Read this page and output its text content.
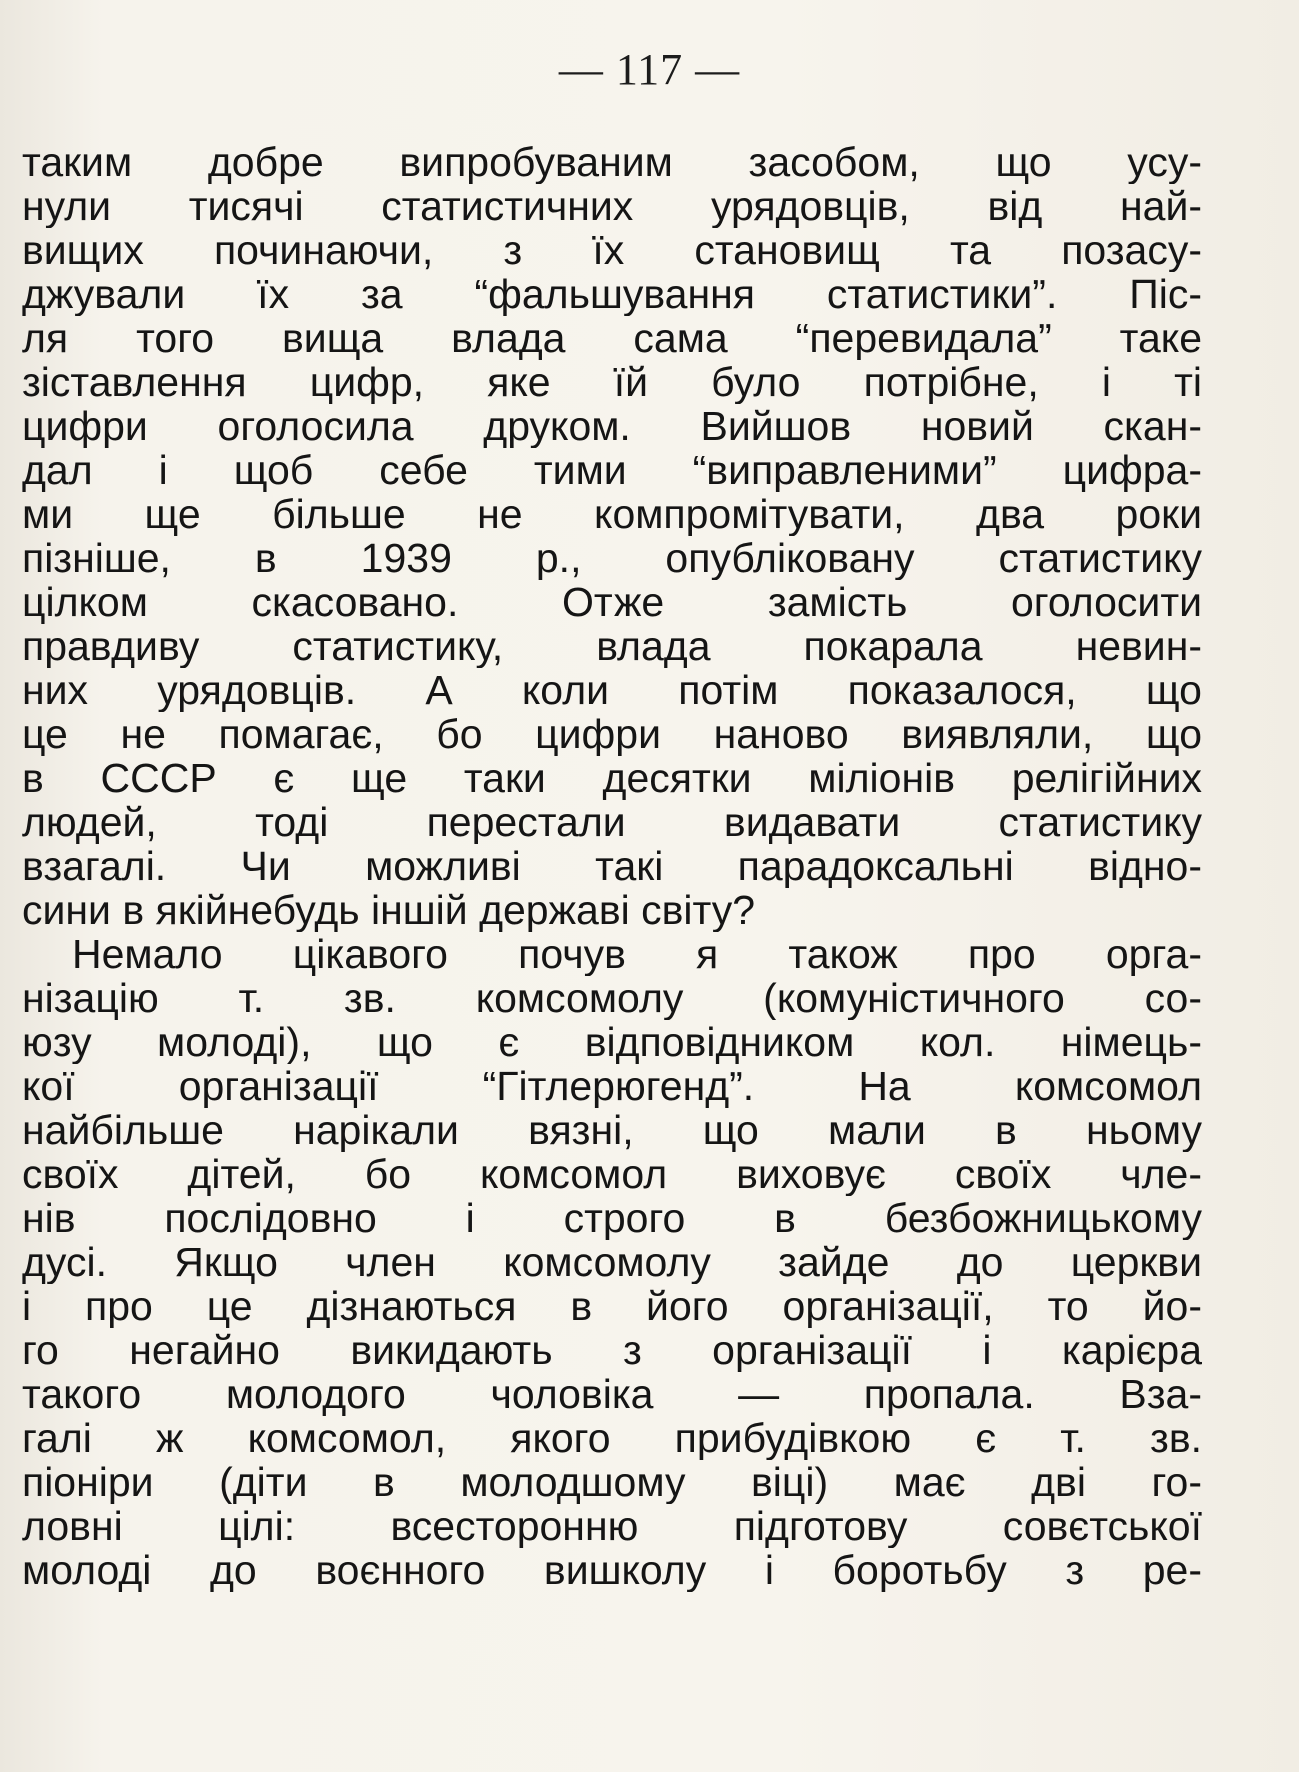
— 117 —
таким добре випробуваним засобом, що усу-
нули тисячі статистичних урядовців, від най-
вищих починаючи, з їх становищ та позасу-
джували їх за “фальшування статистики”. Піс-
ля того вища влада сама “перевидала” таке
зіставлення цифр, яке їй було потрібне, і ті
цифри оголосила друком. Вийшов новий скан-
дал і щоб себе тими “виправленими” цифра-
ми ще більше не компромітувати, два роки
пізніше, в 1939 р., опубліковану статистику
цілком скасовано. Отже замість оголосити
правдиву статистику, влада покарала невин-
них урядовців. А коли потім показалося, що
це не помагає, бо цифри наново виявляли, що
в СССР є ще таки десятки міліонів релігійних
людей, тоді перестали видавати статистику
взагалі. Чи можливі такі парадоксальні відно-
сини в якійнебудь іншій державі світу?
Немало цікавого почув я також про орга-
нізацію т. зв. комсомолу (комуністичного со-
юзу молоді), що є відповідником кол. німець-
кої організації “Гітлерюгенд”. На комсомол
найбільше нарікали вязні, що мали в ньому
своїх дітей, бо комсомол виховує своїх чле-
нів послідовно і строго в безбожницькому
дусі. Якщо член комсомолу зайде до церкви
і про це дізнаються в його організації, то йо-
го негайно викидають з організації і карієра
такого молодого чоловіка — пропала. Вза-
галі ж комсомол, якого прибудівкою є т. зв.
піоніри (діти в молодшому віці) має дві го-
ловні цілі: всесторонню підготову совєтської
молоді до воєнного вишколу і боротьбу з ре-
